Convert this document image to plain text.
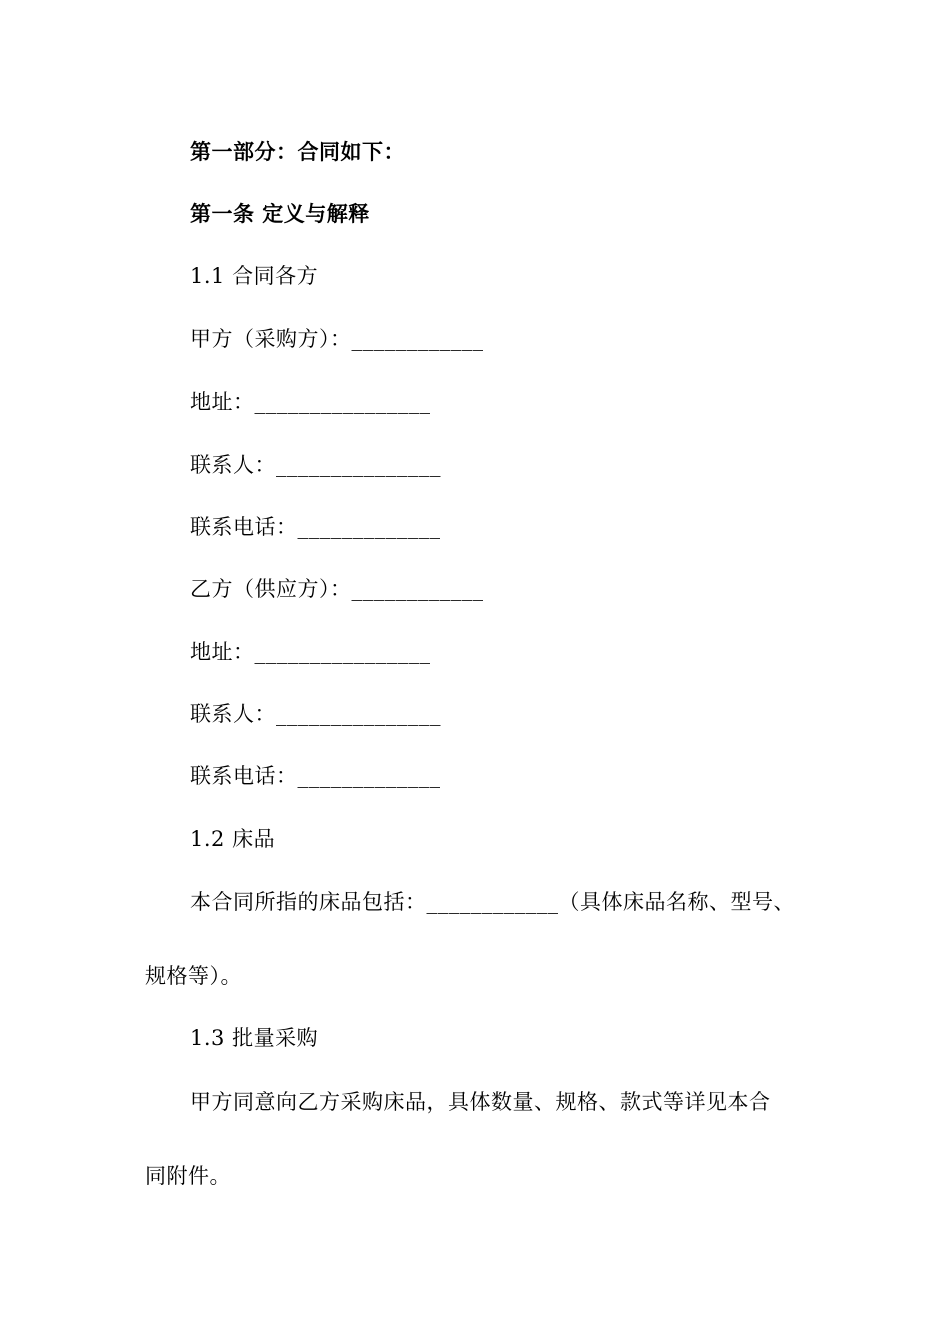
第一部分：合同如下：
第一条 定义与解释
1.1 合同各方
甲方（采购方）：____________
地址：________________
联系人：_______________
联系电话：_____________
乙方（供应方）：____________
地址：________________
联系人：_______________
联系电话：_____________
1.2 床品
本合同所指的床品包括：____________（具体床品名称、型号、
规格等）。
1.3 批量采购
甲方同意向乙方采购床品，具体数量、规格、款式等详见本合
同附件。
